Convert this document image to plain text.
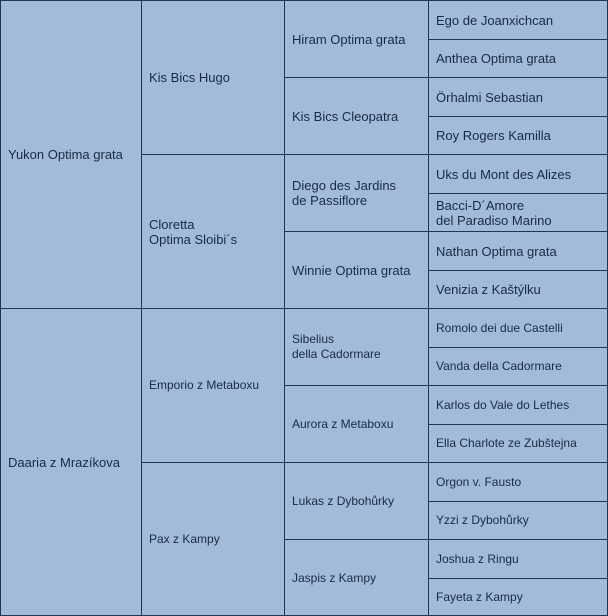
Yukon Optima grata
Daaria z Mrazíkova
Kis Bics Hugo
Cloretta
Optima Sloibi´s
Emporio z Metaboxu
Pax z Kampy
Hiram Optima grata
Kis Bics Cleopatra
Diego des Jardins
de Passiflore
Winnie Optima grata
Sibelius
della Cadormare
Aurora z Metaboxu
Lukas z Dybohůrky
Jaspis z Kampy
Ego de Joanxichcan
Anthea Optima grata
Örhalmi Sebastian
Roy Rogers Kamilla
Uks du Mont des Alizes
Bacci-D´Amore
del Paradiso Marino
Nathan Optima grata
Venizia z Kaštýlku
Romolo dei due Castelli
Vanda della Cadormare
Karlos do Vale do Lethes
Ella Charlote ze Zubštejna
Orgon v. Fausto
Yzzi z Dybohůrky
Joshua z Ringu
Fayeta z Kampy
